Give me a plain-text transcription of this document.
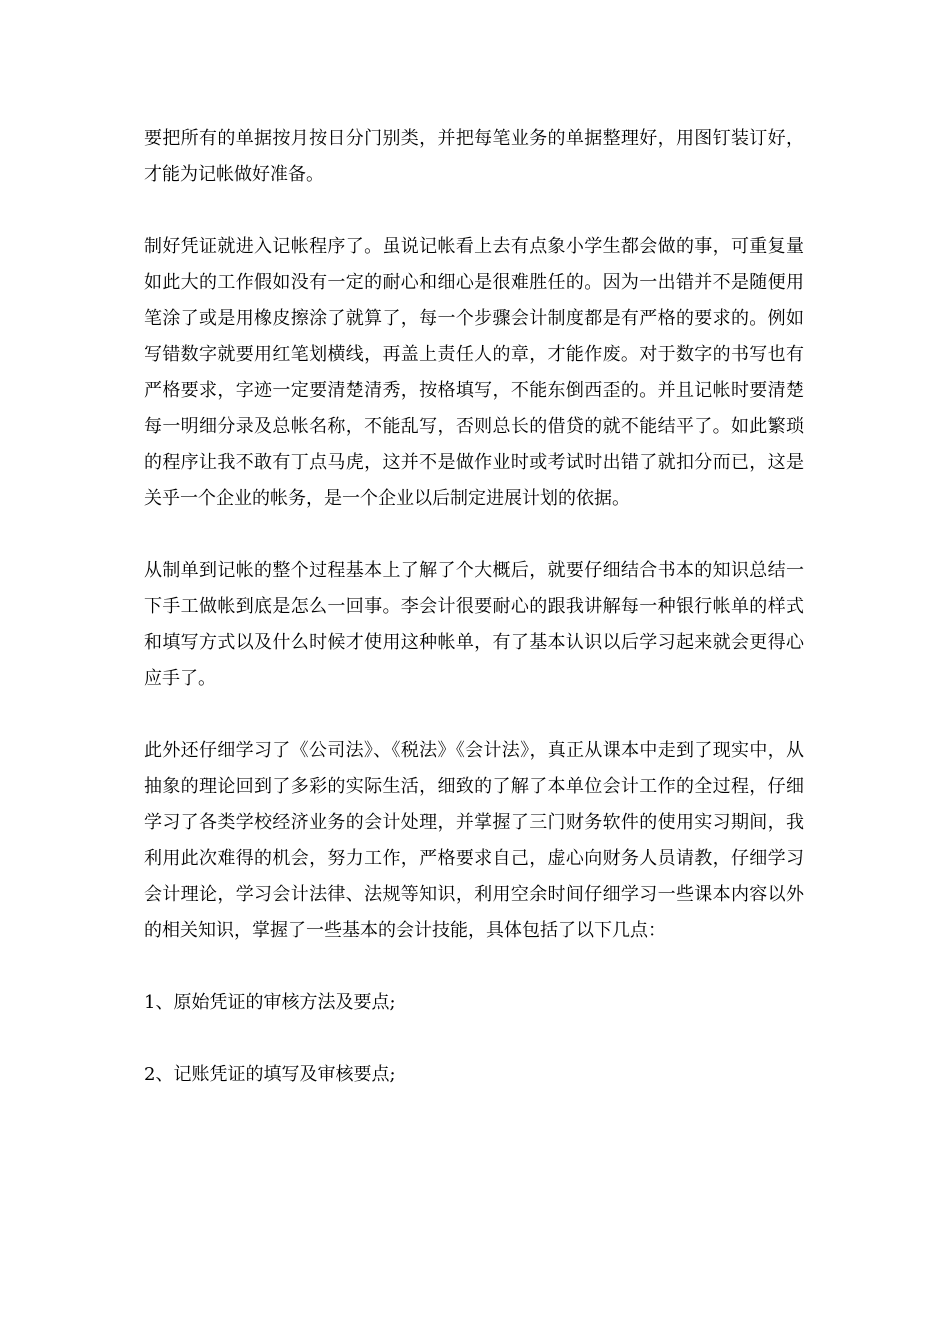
要把所有的单据按月按日分门别类，并把每笔业务的单据整理好，用图钉装订好，才能为记帐做好准备。

制好凭证就进入记帐程序了。虽说记帐看上去有点象小学生都会做的事，可重复量如此大的工作假如没有一定的耐心和细心是很难胜任的。因为一出错并不是随便用笔涂了或是用橡皮擦涂了就算了，每一个步骤会计制度都是有严格的要求的。例如写错数字就要用红笔划横线，再盖上责任人的章，才能作废。对于数字的书写也有严格要求，字迹一定要清楚清秀，按格填写，不能东倒西歪的。并且记帐时要清楚每一明细分录及总帐名称，不能乱写，否则总长的借贷的就不能结平了。如此繁琐的程序让我不敢有丁点马虎，这并不是做作业时或考试时出错了就扣分而已，这是关乎一个企业的帐务，是一个企业以后制定进展计划的依据。

从制单到记帐的整个过程基本上了解了个大概后，就要仔细结合书本的知识总结一下手工做帐到底是怎么一回事。李会计很要耐心的跟我讲解每一种银行帐单的样式和填写方式以及什么时候才使用这种帐单，有了基本认识以后学习起来就会更得心应手了。

此外还仔细学习了《公司法》、《税法》《会计法》，真正从课本中走到了现实中，从抽象的理论回到了多彩的实际生活，细致的了解了本单位会计工作的全过程，仔细学习了各类学校经济业务的会计处理，并掌握了三门财务软件的使用实习期间，我利用此次难得的机会，努力工作，严格要求自己，虚心向财务人员请教，仔细学习会计理论，学习会计法律、法规等知识，利用空余时间仔细学习一些课本内容以外的相关知识，掌握了一些基本的会计技能，具体包括了以下几点：

1、原始凭证的审核方法及要点;

2、记账凭证的填写及审核要点;
